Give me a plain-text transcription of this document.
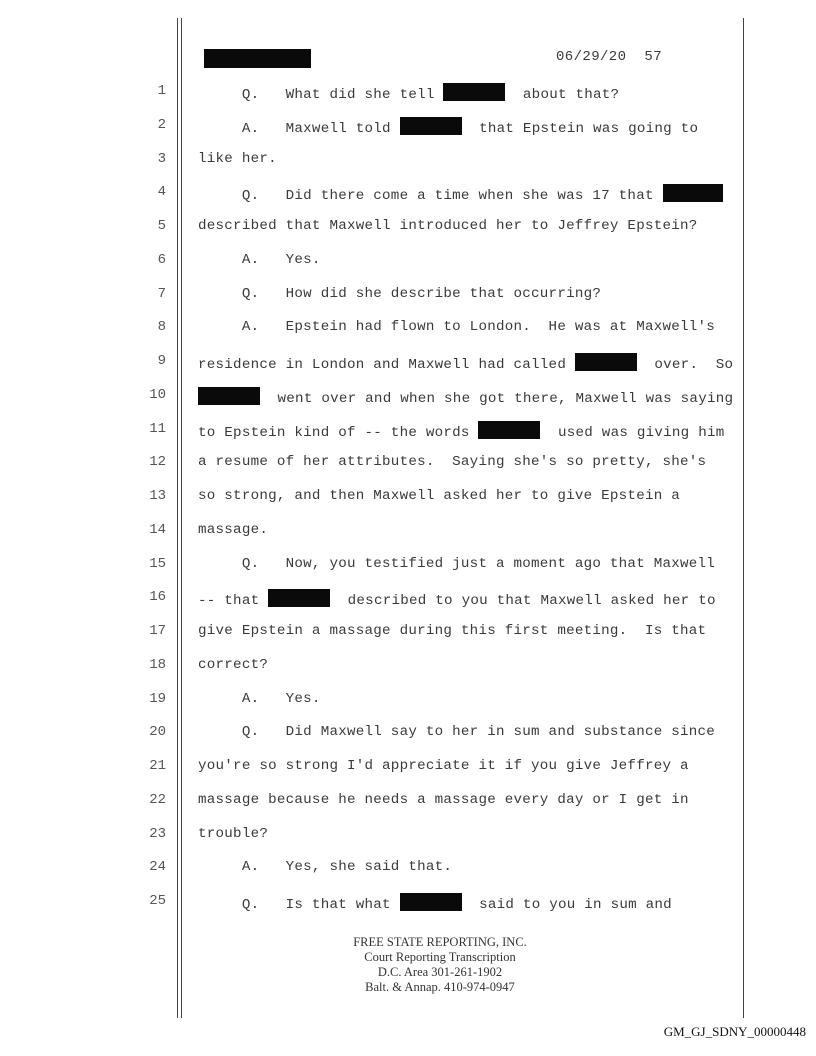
06/29/20 57
1 Q.   What did she tell	about that?
2 A.   Maxwell told	that Epstein was going to
3 like her.
4 Q.   Did there come a time when she was 17 that
5 described that Maxwell introduced her to Jeffrey Epstein?
6 A.   Yes.
7 Q.   How did she describe that occurring?
8 A.   Epstein had flown to London.  He was at Maxwell's
9 residence in London and Maxwell had called	over.  So
10	went over and when she got there, Maxwell was saying
11 to Epstein kind of -- the words	used was giving him
12 a resume of her attributes.  Saying she's so pretty, she's
13 so strong, and then Maxwell asked her to give Epstein a
14 massage.
15 Q.   Now, you testified just a moment ago that Maxwell
16 -- that	described to you that Maxwell asked her to
17 give Epstein a massage during this first meeting.  Is that
18 correct?
19 A.   Yes.
20 Q.   Did Maxwell say to her in sum and substance since
21 you're so strong I'd appreciate it if you give Jeffrey a
22 massage because he needs a massage every day or I get in
23 trouble?
24 A.   Yes, she said that.
25 Q.   Is that what	said to you in sum and
FREE STATE REPORTING, INC.
Court Reporting Transcription
D.C. Area 301-261-1902
Balt. & Annap. 410-974-0947
GM_GJ_SDNY_00000448
